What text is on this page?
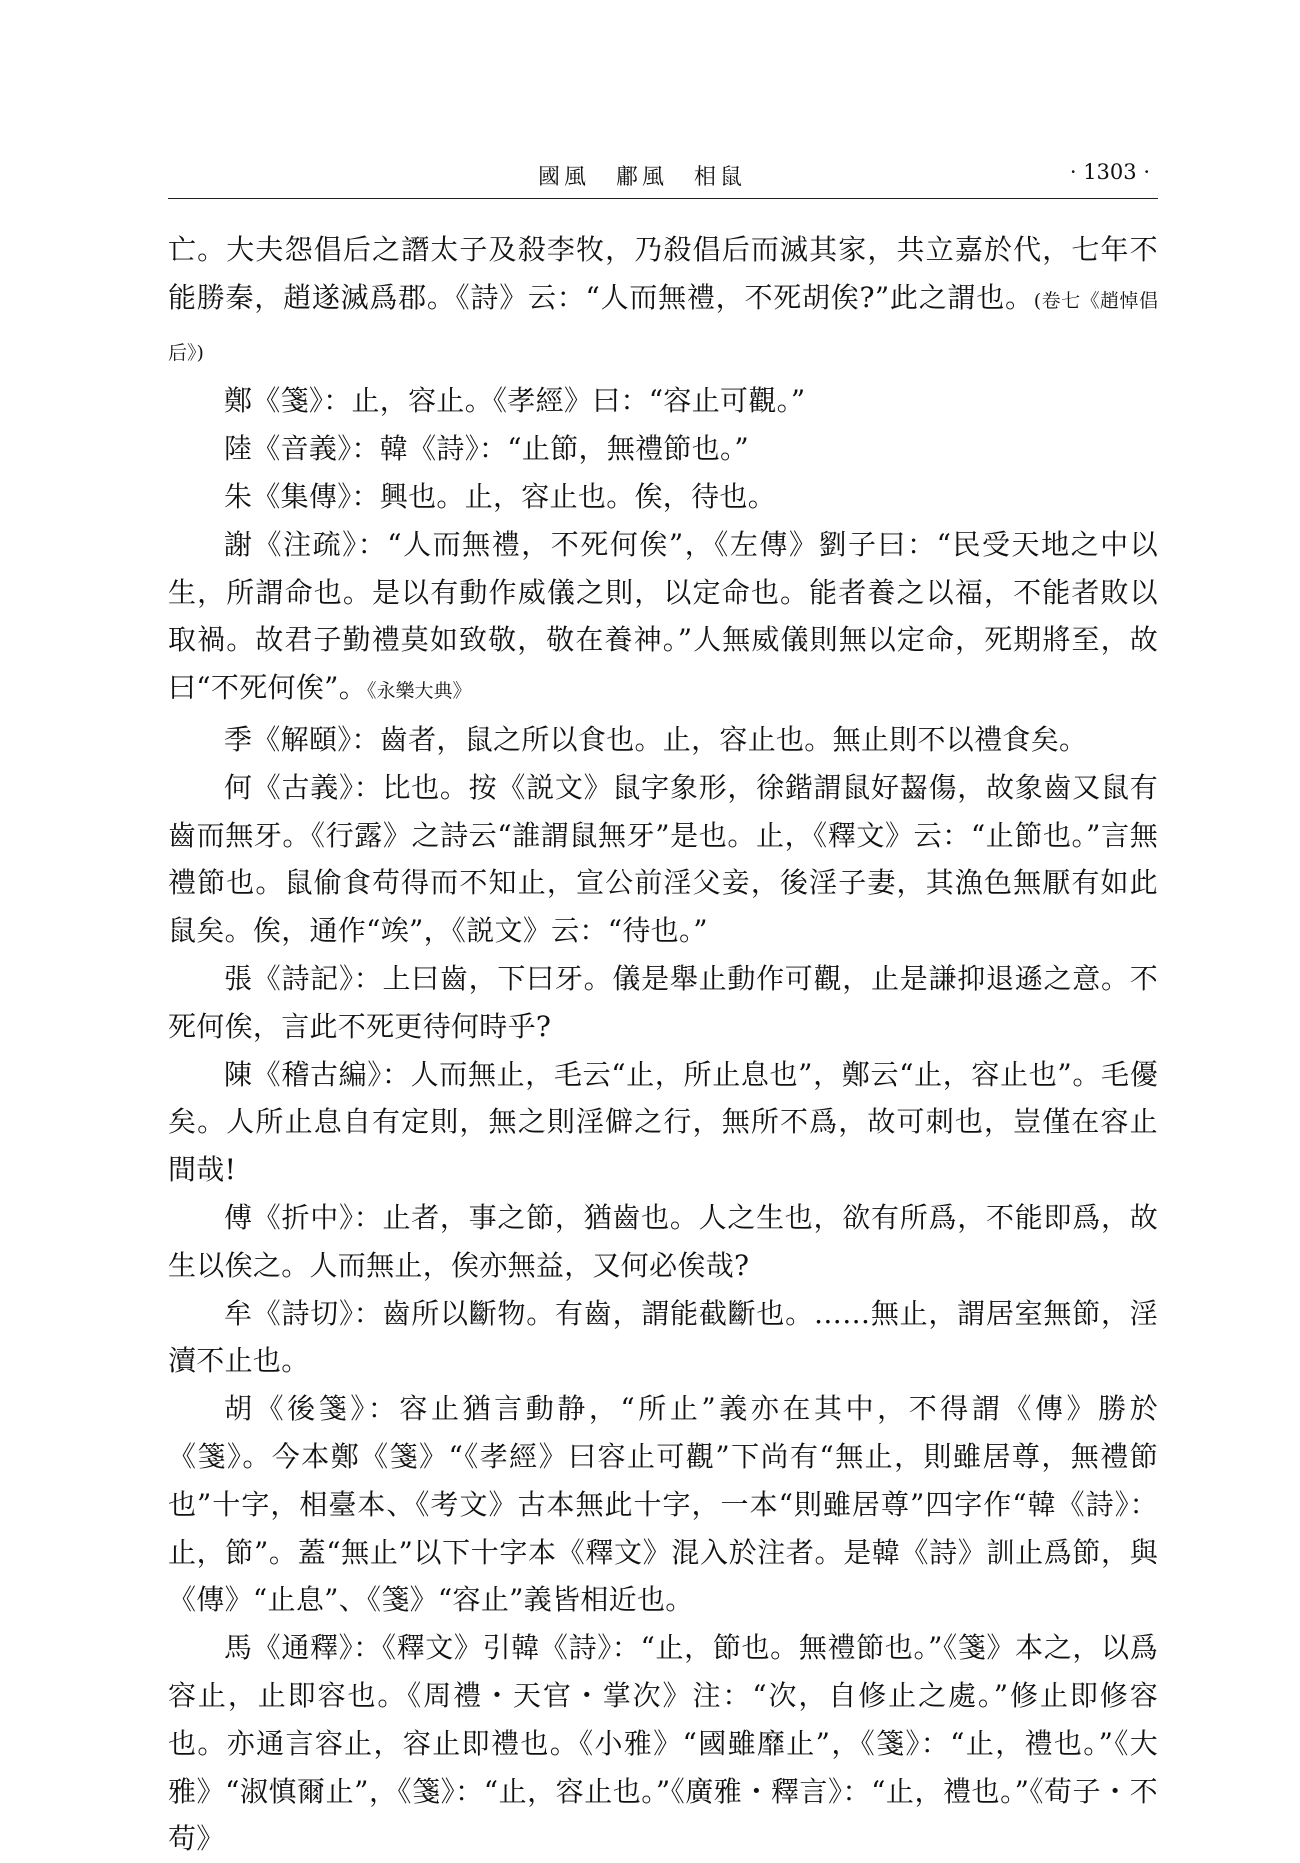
國風　鄘風　相鼠	· 1303 ·

亡。大夫怨倡后之譖太子及殺李牧，乃殺倡后而滅其家，共立嘉於代，七年不能勝秦，趙遂滅爲郡。《詩》云：“人而無禮，不死胡俟?”此之謂也。(卷七《趙悼倡后》)

鄭《箋》：止，容止。《孝經》曰：“容止可觀。”

陸《音義》：韓《詩》：“止節，無禮節也。”

朱《集傳》：興也。止，容止也。俟，待也。

謝《注疏》：“人而無禮，不死何俟”，《左傳》劉子曰：“民受天地之中以生，所謂命也。是以有動作威儀之則，以定命也。能者養之以福，不能者敗以取禍。故君子勤禮莫如致敬，敬在養神。”人無威儀則無以定命，死期將至，故曰“不死何俟”。《永樂大典》

季《解頤》：齒者，鼠之所以食也。止，容止也。無止則不以禮食矣。

何《古義》：比也。按《説文》鼠字象形，徐鍇謂鼠好齧傷，故象齒又鼠有齒而無牙。《行露》之詩云“誰謂鼠無牙”是也。止，《釋文》云：“止節也。”言無禮節也。鼠偷食苟得而不知止，宣公前淫父妾，後淫子妻，其漁色無厭有如此鼠矣。俟，通作“竢”，《説文》云：“待也。”

張《詩記》：上曰齒，下曰牙。儀是舉止動作可觀，止是謙抑退遜之意。不死何俟，言此不死更待何時乎?

陳《稽古編》：人而無止，毛云“止，所止息也”，鄭云“止，容止也”。毛優矣。人所止息自有定則，無之則淫僻之行，無所不爲，故可刺也，豈僅在容止間哉!

傅《折中》：止者，事之節，猶齒也。人之生也，欲有所爲，不能即爲，故生以俟之。人而無止，俟亦無益，又何必俟哉?

牟《詩切》：齒所以斷物。有齒，謂能截斷也。……無止，謂居室無節，淫瀆不止也。

胡《後箋》：容止猶言動静，“所止”義亦在其中，不得謂《傳》勝於《箋》。今本鄭《箋》“《孝經》曰容止可觀”下尚有“無止，則雖居尊，無禮節也”十字，相臺本、《考文》古本無此十字，一本“則雖居尊”四字作“韓《詩》：止，節”。蓋“無止”以下十字本《釋文》混入於注者。是韓《詩》訓止爲節，與《傳》“止息”、《箋》“容止”義皆相近也。

馬《通釋》：《釋文》引韓《詩》：“止，節也。無禮節也。”《箋》本之，以爲容止，止即容也。《周禮・天官・掌次》注：“次，自修止之處。”修止即修容也。亦通言容止，容止即禮也。《小雅》“國雖靡止”，《箋》：“止，禮也。”《大雅》“淑慎爾止”，《箋》：“止，容止也。”《廣雅・釋言》：“止，禮也。”《荀子・不苟》
